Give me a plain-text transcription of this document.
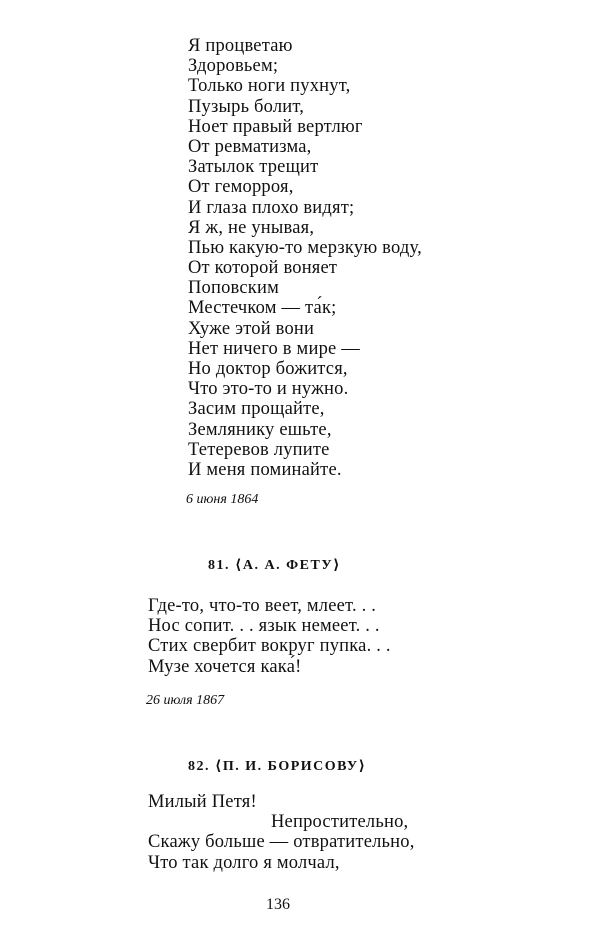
Я процветаю
Здоровьем;
Только ноги пухнут,
Пузырь болит,
Ноет правый вертлюг
От ревматизма,
Затылок трещит
От геморроя,
И глаза плохо видят;
Я ж, не унывая,
Пью какую-то мерзкую воду,
От которой воняет
Поповским
Местечком — та́к;
Хуже этой вони
Нет ничего в мире —
Но доктор божится,
Что это-то и нужно.
Засим прощайте,
Землянику ешьте,
Тетеревов лупите
И меня поминайте.
6 июня 1864
81. ⟨А. А. ФЕТУ⟩
Где-то, что-то веет, млеет. . .
Нос сопит. . . язык немеет. . .
Стих свербит вокруг пупка. . .
Музе хочется кака́!
26 июля 1867
82. ⟨П. И. БОРИСОВУ⟩
Милый Петя!
Непростительно,
Скажу больше — отвратительно,
Что так долго я молчал,
136
